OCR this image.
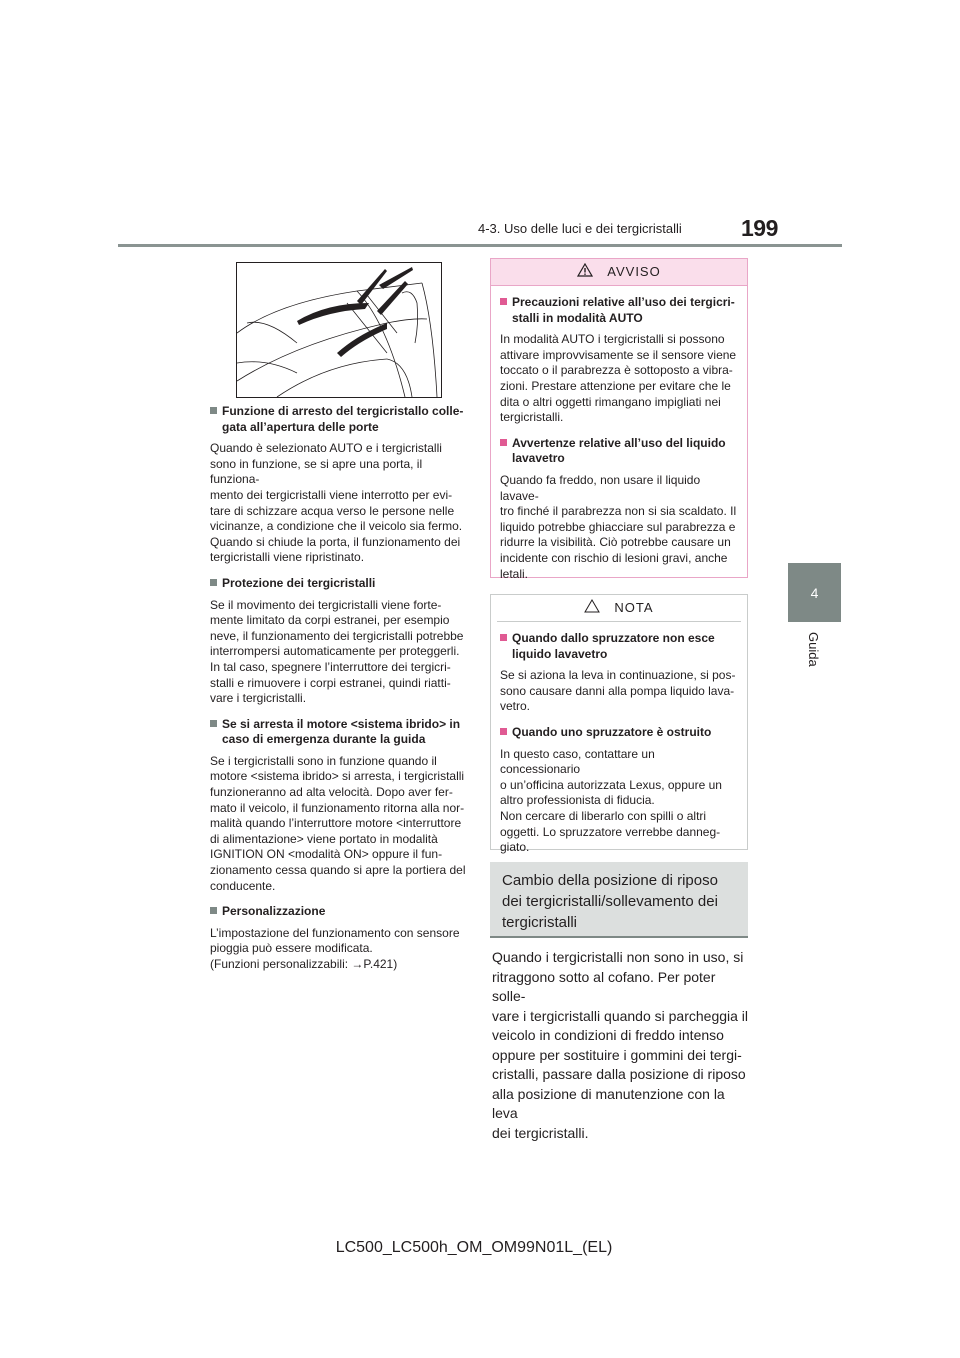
4-3. Uso delle luci e dei tergicristalli	199
4
Guida
Funzione di arresto del tergicristallo colle-
gata all’apertura delle porte
Quando è selezionato AUTO e i tergicristalli
sono in funzione, se si apre una porta, il funziona-
mento dei tergicristalli viene interrotto per evi-
tare di schizzare acqua verso le persone nelle
vicinanze, a condizione che il veicolo sia fermo.
Quando si chiude la porta, il funzionamento dei
tergicristalli viene ripristinato.
Protezione dei tergicristalli
Se il movimento dei tergicristalli viene forte-
mente limitato da corpi estranei, per esempio
neve, il funzionamento dei tergicristalli potrebbe
interrompersi automaticamente per proteggerli.
In tal caso, spegnere l’interruttore dei tergicri-
stalli e rimuovere i corpi estranei, quindi riatti-
vare i tergicristalli.
Se si arresta il motore <sistema ibrido> in
caso di emergenza durante la guida
Se i tergicristalli sono in funzione quando il
motore <sistema ibrido> si arresta, i tergicristalli
funzioneranno ad alta velocità. Dopo aver fer-
mato il veicolo, il funzionamento ritorna alla nor-
malità quando l’interruttore motore <interruttore
di alimentazione> viene portato in modalità
IGNITION ON <modalità ON> oppure il fun-
zionamento cessa quando si apre la portiera del
conducente.
Personalizzazione
L’impostazione del funzionamento con sensore
pioggia può essere modificata.
(Funzioni personalizzabili: →P.421)
AVVISO
Precauzioni relative all’uso dei tergicri-
stalli in modalità AUTO
In modalità AUTO i tergicristalli si possono
attivare improvvisamente se il sensore viene
toccato o il parabrezza è sottoposto a vibra-
zioni. Prestare attenzione per evitare che le
dita o altri oggetti rimangano impigliati nei
tergicristalli.
Avvertenze relative all’uso del liquido
lavavetro
Quando fa freddo, non usare il liquido lavave-
tro finché il parabrezza non si sia scaldato. Il
liquido potrebbe ghiacciare sul parabrezza e
ridurre la visibilità. Ciò potrebbe causare un
incidente con rischio di lesioni gravi, anche
letali.
NOTA
Quando dallo spruzzatore non esce
liquido lavavetro
Se si aziona la leva in continuazione, si pos-
sono causare danni alla pompa liquido lava-
vetro.
Quando uno spruzzatore è ostruito
In questo caso, contattare un concessionario
o un’officina autorizzata Lexus, oppure un
altro professionista di fiducia.
Non cercare di liberarlo con spilli o altri
oggetti. Lo spruzzatore verrebbe danneg-
giato.
Cambio della posizione di riposo
dei tergicristalli/sollevamento dei
tergicristalli
Quando i tergicristalli non sono in uso, si
ritraggono sotto al cofano. Per poter solle-
vare i tergicristalli quando si parcheggia il
veicolo in condizioni di freddo intenso
oppure per sostituire i gommini dei tergi-
cristalli, passare dalla posizione di riposo
alla posizione di manutenzione con la leva
dei tergicristalli.
LC500_LC500h_OM_OM99N01L_(EL)
